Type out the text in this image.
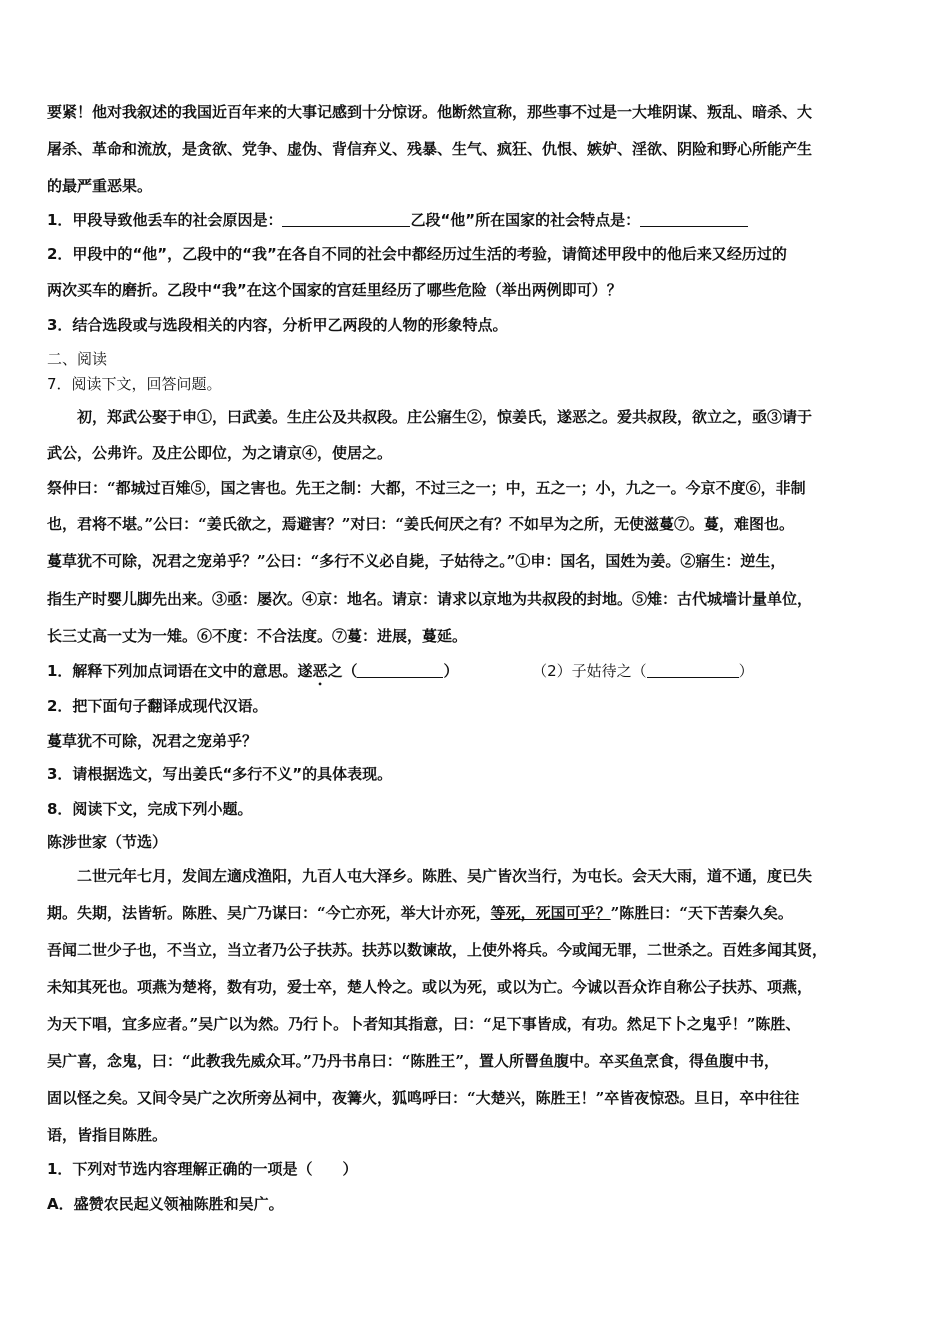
要紧！他对我叙述的我国近百年来的大事记感到十分惊讶。他断然宣称，那些事不过是一大堆阴谋、叛乱、暗杀、大
屠杀、革命和流放，是贪欲、党争、虚伪、背信弃义、残暴、生气、疯狂、仇恨、嫉妒、淫欲、阴险和野心所能产生
的最严重恶果。
1．甲段导致他丢车的社会原因是：	乙段“他”所在国家的社会特点是：
2．甲段中的“他”，乙段中的“我”在各自不同的社会中都经历过生活的考验，请简述甲段中的他后来又经历过的
两次买车的磨折。乙段中“我”在这个国家的宫廷里经历了哪些危险（举出两例即可）？
3．结合选段或与选段相关的内容，分析甲乙两段的人物的形象特点。
二、阅读
7．阅读下文，回答问题。
初，郑武公娶于申①，曰武姜。生庄公及共叔段。庄公寤生②，惊姜氏，遂恶之。爱共叔段，欲立之，亟③请于
武公，公弗许。及庄公即位，为之请京④，使居之。
祭仲曰：“都城过百雉⑤，国之害也。先王之制：大都，不过三之一；中，五之一；小，九之一。今京不度⑥，非制
也，君将不堪。”公曰：“姜氏欲之，焉避害？”对曰：“姜氏何厌之有？不如早为之所，无使滋蔓⑦。蔓，难图也。
蔓草犹不可除，况君之宠弟乎？”公曰：“多行不义必自毙，子姑待之。”①申：国名，国姓为姜。②寤生：逆生，
指生产时婴儿脚先出来。③亟：屡次。④京：地名。请京：请求以京地为共叔段的封地。⑤雉：古代城墙计量单位，
长三丈高一丈为一雉。⑥不度：不合法度。⑦蔓：进展，蔓延。
1．解释下列加点词语在文中的意思。遂恶之（	）	（2）子姑待之（	）
2．把下面句子翻译成现代汉语。
蔓草犹不可除，况君之宠弟乎？
3．请根据选文，写出姜氏“多行不义”的具体表现。
8．阅读下文，完成下列小题。
陈涉世家（节选）
二世元年七月，发闾左適戍渔阳，九百人屯大泽乡。陈胜、吴广皆次当行，为屯长。会天大雨，道不通，度已失
期。失期，法皆斩。陈胜、吴广乃谋曰：“今亡亦死，举大计亦死，等死，死国可乎？”陈胜曰：“天下苦秦久矣。
吾闻二世少子也，不当立，当立者乃公子扶苏。扶苏以数谏故，上使外将兵。今或闻无罪，二世杀之。百姓多闻其贤，
未知其死也。项燕为楚将，数有功，爱士卒，楚人怜之。或以为死，或以为亡。今诚以吾众诈自称公子扶苏、项燕，
为天下唱，宜多应者。”吴广以为然。乃行卜。卜者知其指意，曰：“足下事皆成，有功。然足下卜之鬼乎！”陈胜、
吴广喜，念鬼，曰：“此教我先威众耳。”乃丹书帛曰：“陈胜王”，置人所罾鱼腹中。卒买鱼烹食，得鱼腹中书，
固以怪之矣。又间令吴广之次所旁丛祠中，夜篝火，狐鸣呼曰：“大楚兴，陈胜王！”卒皆夜惊恐。旦日，卒中往往
语，皆指目陈胜。
1．下列对节选内容理解正确的一项是（　　）
A．盛赞农民起义领袖陈胜和吴广。
